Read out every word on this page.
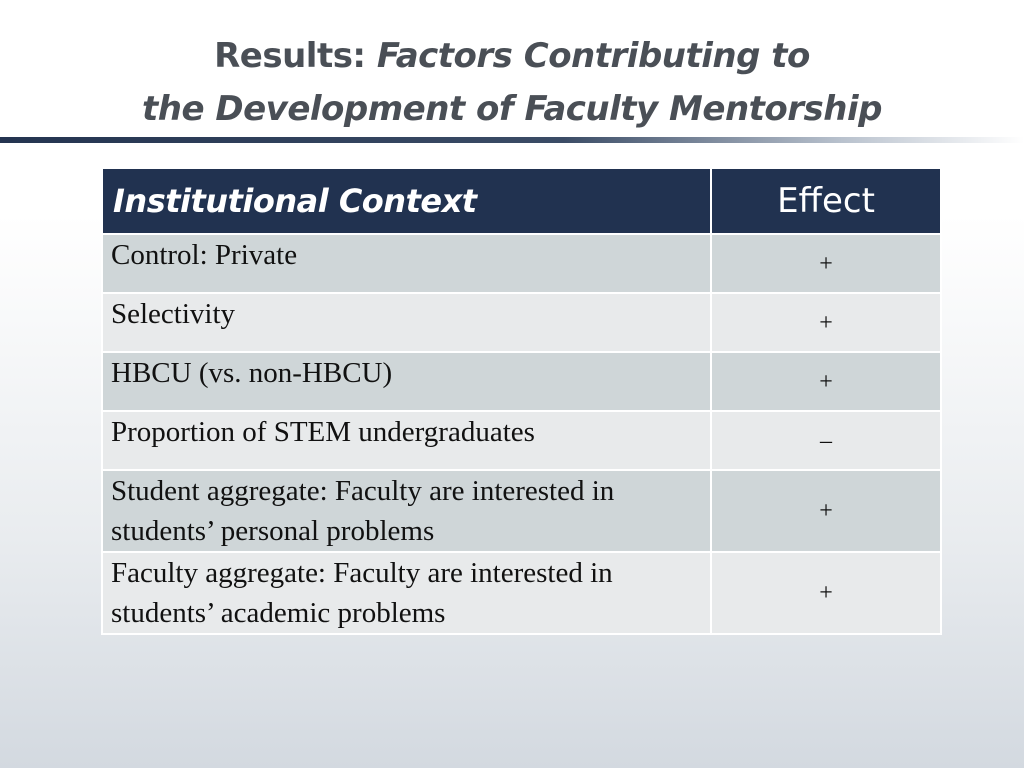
Results: Factors Contributing to
the Development of Faculty Mentorship
Institutional Context	Effect
Control: Private	+
Selectivity	+
HBCU (vs. non-HBCU)	+
Proportion of STEM undergraduates	–
Student aggregate: Faculty are interested in students’ personal problems	+
Faculty aggregate: Faculty are interested in students’ academic problems	+
